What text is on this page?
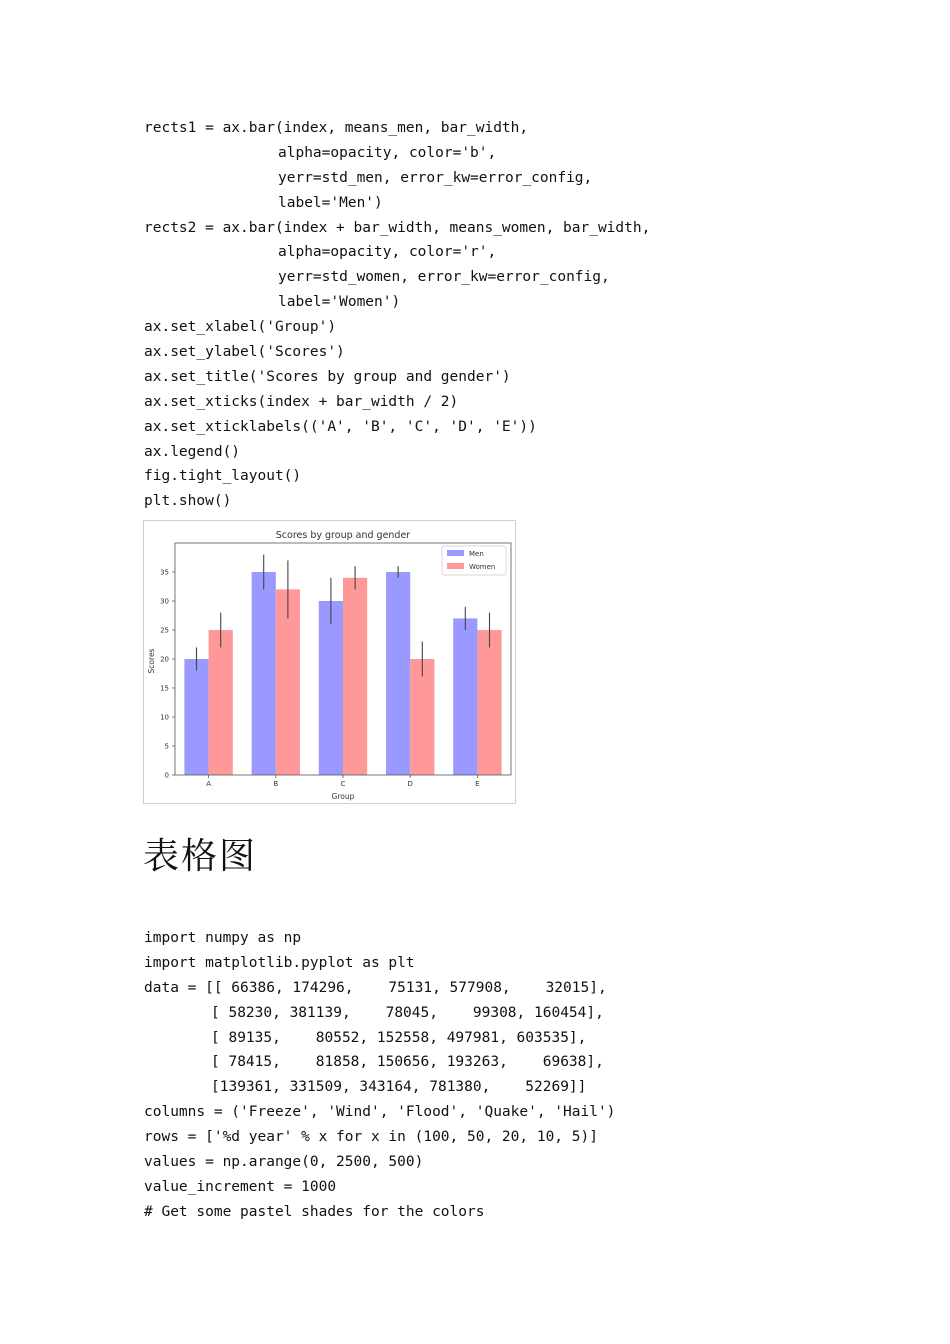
rects1 = ax.bar(index, means_men, bar_width,
alpha=opacity, color='b',
yerr=std_men, error_kw=error_config,
label='Men')
rects2 = ax.bar(index + bar_width, means_women, bar_width,
alpha=opacity, color='r',
yerr=std_women, error_kw=error_config,
label='Women')
ax.set_xlabel('Group')
ax.set_ylabel('Scores')
ax.set_title('Scores by group and gender')
ax.set_xticks(index + bar_width / 2)
ax.set_xticklabels(('A', 'B', 'C', 'D', 'E'))
ax.legend()
fig.tight_layout()
plt.show()
Scores by group and gender
Group
Scores
0
5
10
15
20
25
30
35
A	B	C	D	E
Men
Women
表格图
import numpy as np
import matplotlib.pyplot as plt
data = [[ 66386, 174296,    75131, 577908,    32015],
[ 58230, 381139,    78045,    99308, 160454],
[ 89135,    80552, 152558, 497981, 603535],
[ 78415,    81858, 150656, 193263,    69638],
[139361, 331509, 343164, 781380,    52269]]
columns = ('Freeze', 'Wind', 'Flood', 'Quake', 'Hail')
rows = ['%d year' % x for x in (100, 50, 20, 10, 5)]
values = np.arange(0, 2500, 500)
value_increment = 1000
# Get some pastel shades for the colors
